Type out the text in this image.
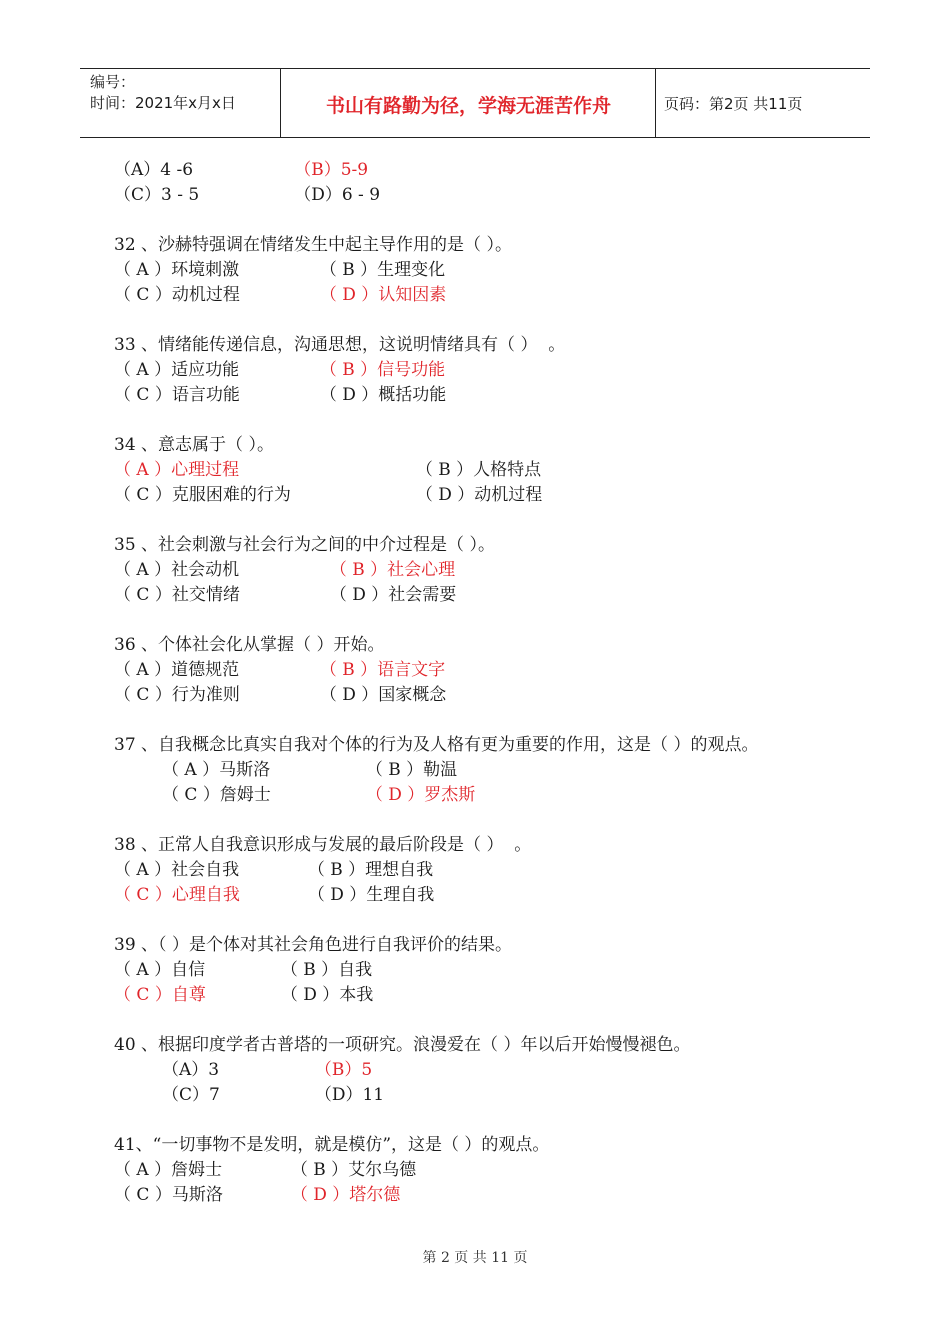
编号：
时间：2021年x月x日	书山有路勤为径，学海无涯苦作舟	页码：第2页 共11页
（A）4 -6	（B）5-9
（C）3 - 5	（D）6 - 9
32 、沙赫特强调在情绪发生中起主导作用的是（ ）。
（ A ）环境刺激	（ B ）生理变化
（ C ）动机过程	（ D ）认知因素
33 、情绪能传递信息，沟通思想，这说明情绪具有（ ）  。
（ A ）适应功能	（ B ）信号功能
（ C ）语言功能	（ D ）概括功能
34 、意志属于（ ）。
（ A ）心理过程	（ B ）人格特点
（ C ）克服困难的行为	（ D ）动机过程
35 、社会刺激与社会行为之间的中介过程是（ ）。
（ A ）社会动机	（ B ）社会心理
（ C ）社交情绪	（ D ）社会需要
36 、个体社会化从掌握（ ）开始。
（ A ）道德规范	（ B ）语言文字
（ C ）行为准则	（ D ）国家概念
37 、自我概念比真实自我对个体的行为及人格有更为重要的作用，这是（ ）的观点。
（ A ）马斯洛	（ B ）勒温
（ C ）詹姆士	（ D ）罗杰斯
38 、正常人自我意识形成与发展的最后阶段是（ ）  。
（ A ）社会自我	（ B ）理想自我
（ C ）心理自我	（ D ）生理自我
39 、（ ）是个体对其社会角色进行自我评价的结果。
（ A ）自信	（ B ）自我
（ C ）自尊	（ D ）本我
40 、根据印度学者古普塔的一项研究。浪漫爱在（ ）年以后开始慢慢褪色。
（A）3	（B）5
（C）7	（D）11
41、“一切事物不是发明，就是模仿”，这是（ ）的观点。
（ A ）詹姆士	（ B ）艾尔乌德
（ C ）马斯洛	（ D ）塔尔德
第 2 页 共 11 页
